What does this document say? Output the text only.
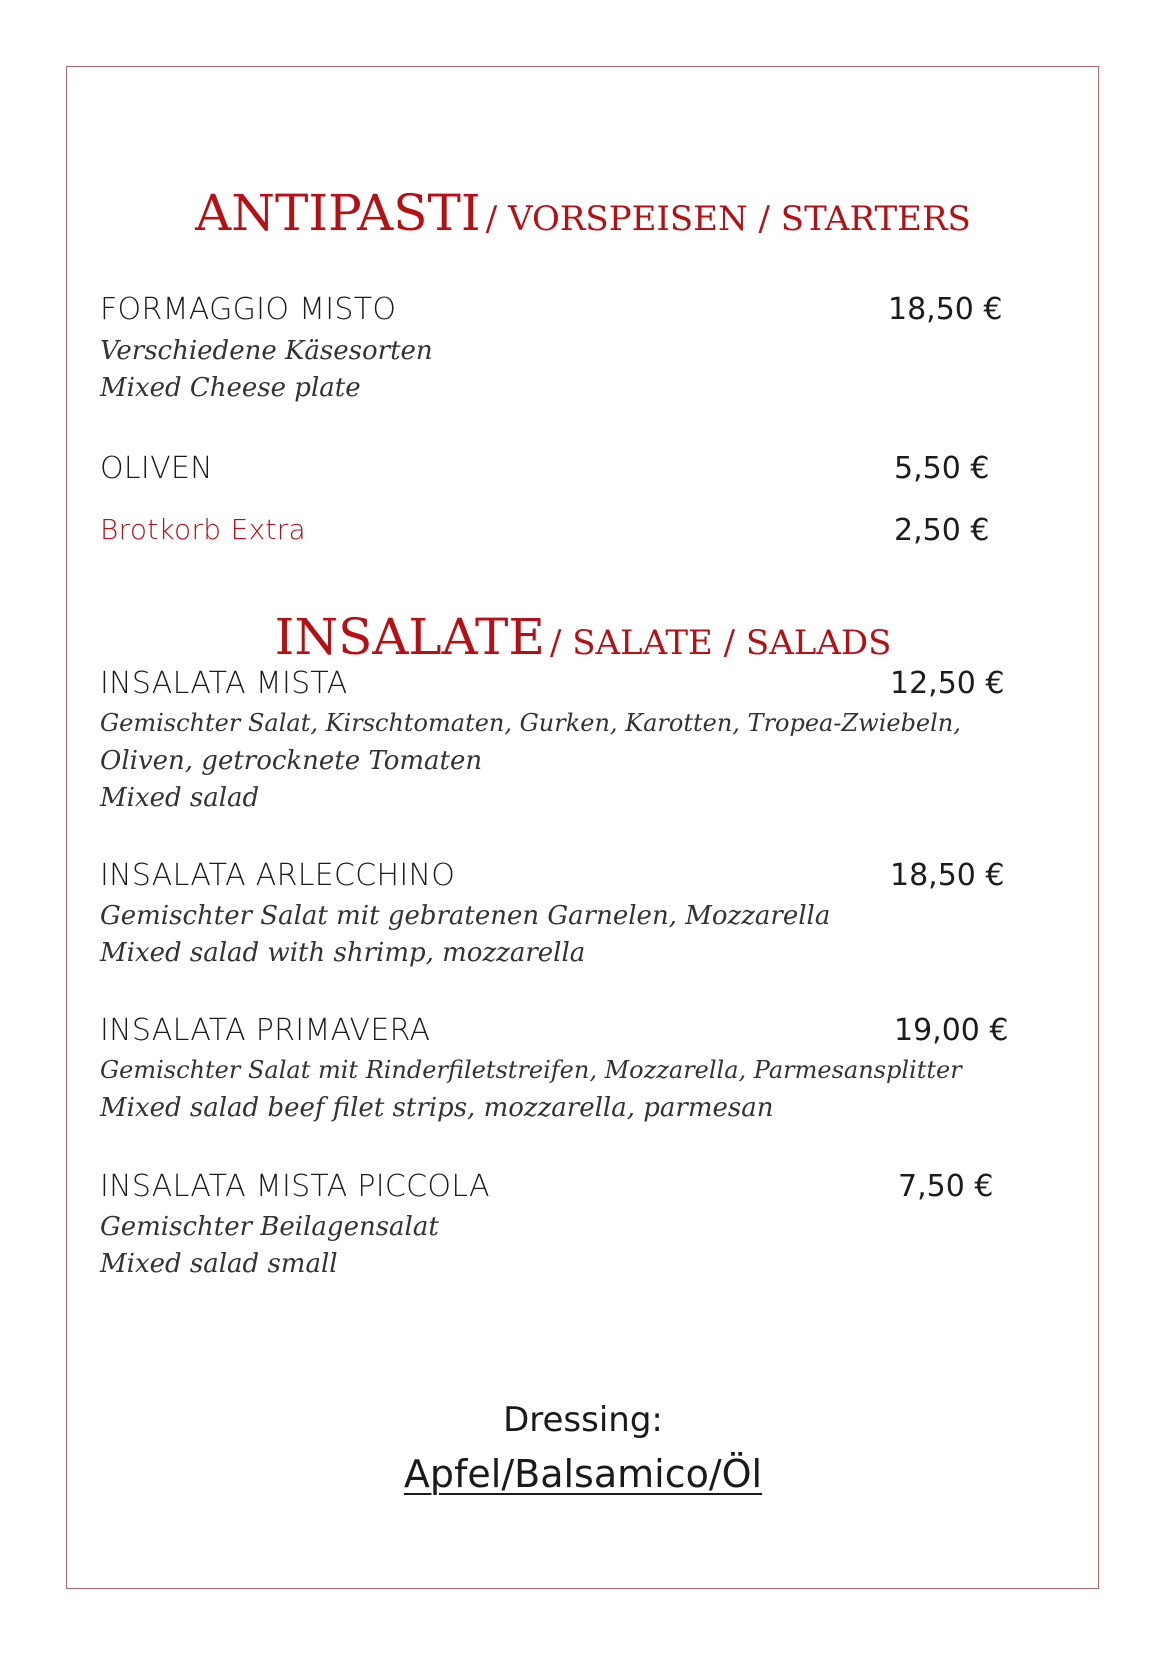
ANTIPASTI / VORSPEISEN / STARTERS
FORMAGGIO MISTO	18,50 €
Verschiedene Käsesorten
Mixed Cheese plate
OLIVEN	5,50 €
Brotkorb Extra	2,50 €
INSALATE / SALATE / SALADS
INSALATA MISTA	12,50 €
Gemischter Salat, Kirschtomaten, Gurken, Karotten, Tropea-Zwiebeln,
Oliven, getrocknete Tomaten
Mixed salad
INSALATA ARLECCHINO	18,50 €
Gemischter Salat mit gebratenen Garnelen, Mozzarella
Mixed salad with shrimp, mozzarella
INSALATA PRIMAVERA	19,00 €
Gemischter Salat mit Rinderfiletstreifen, Mozzarella, Parmesansplitter
Mixed salad beef filet strips, mozzarella, parmesan
INSALATA MISTA PICCOLA	7,50 €
Gemischter Beilagensalat
Mixed salad small
Dressing:
Apfel/Balsamico/Öl
